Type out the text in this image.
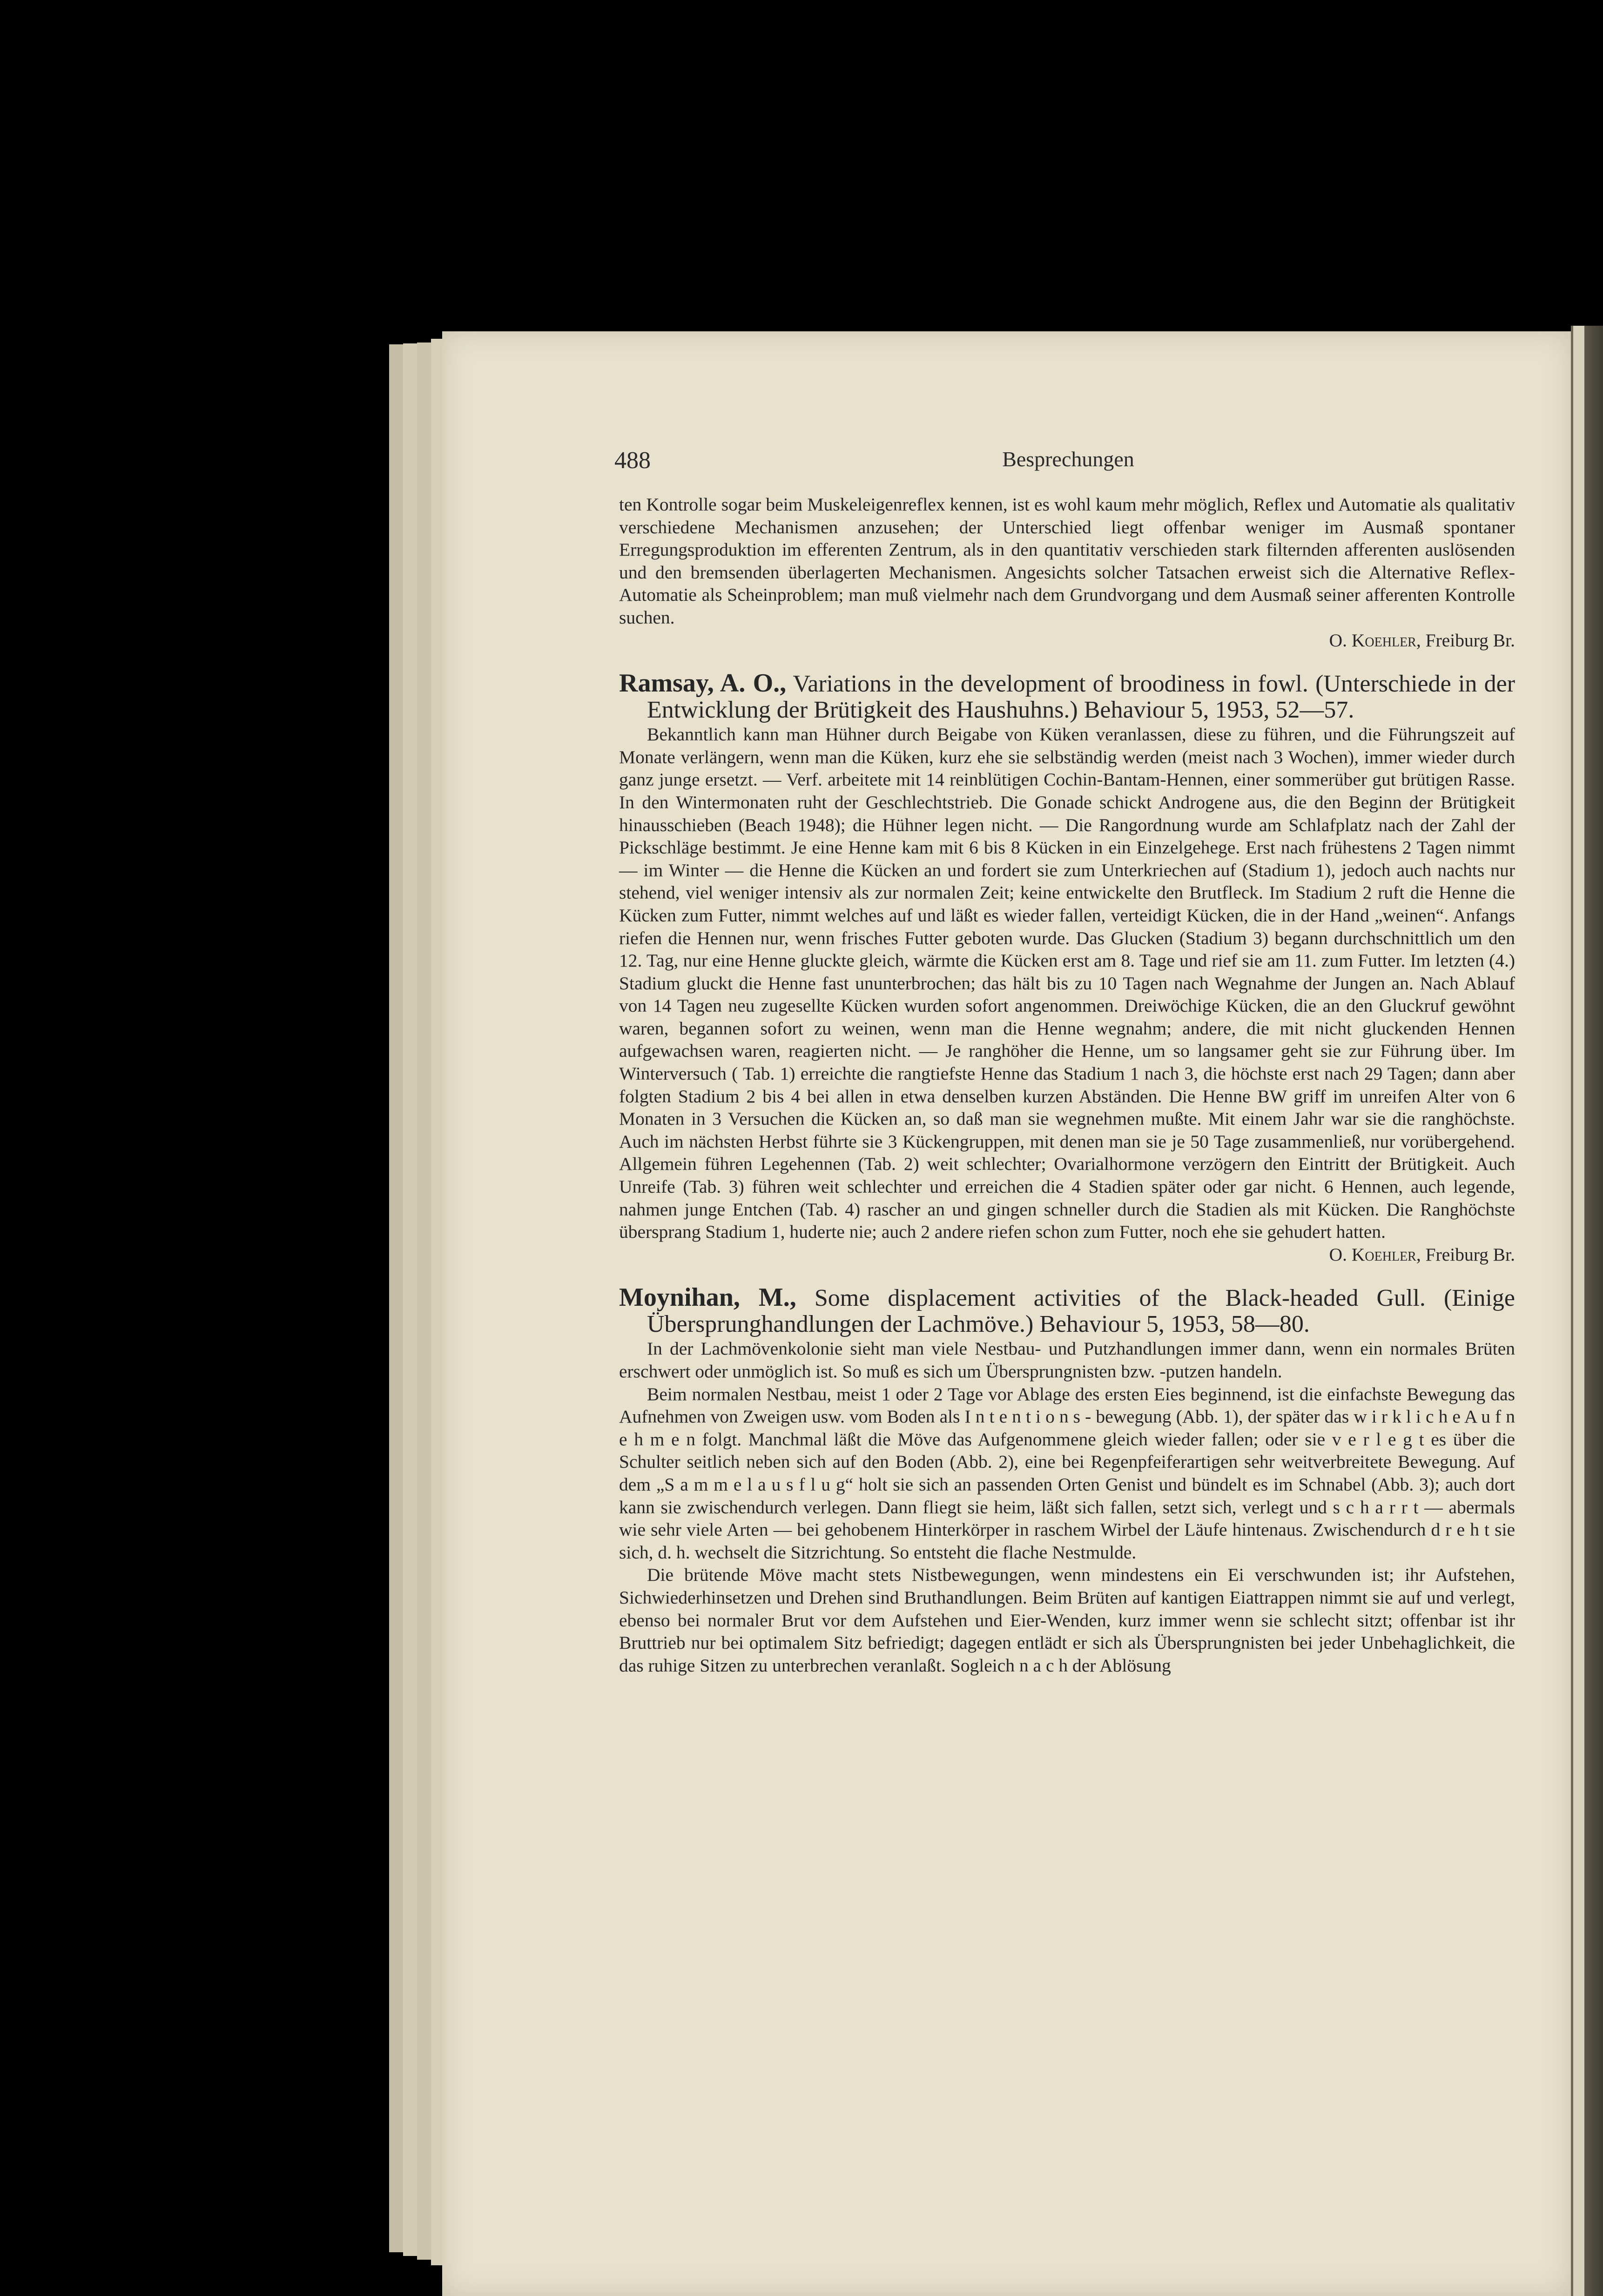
488	Besprechungen

ten Kontrolle sogar beim Muskeleigenreflex kennen, ist es wohl kaum mehr möglich, Reflex und Automatie als qualitativ verschiedene Mechanismen anzusehen; der Unterschied liegt offenbar weniger im Ausmaß spontaner Erregungsproduktion im efferenten Zentrum, als in den quantitativ verschieden stark filternden afferenten auslösenden und den bremsenden überlagerten Mechanismen. Angesichts solcher Tatsachen erweist sich die Alternative Reflex-Automatie als Scheinproblem; man muß vielmehr nach dem Grundvorgang und dem Ausmaß seiner afferenten Kontrolle suchen.

O. Koehler, Freiburg Br.

Ramsay, A. O., Variations in the development of broodiness in fowl. (Unterschiede in der Entwicklung der Brütigkeit des Haushuhns.) Behaviour 5, 1953, 52—57.

Bekanntlich kann man Hühner durch Beigabe von Küken veranlassen, diese zu führen, und die Führungszeit auf Monate verlängern, wenn man die Küken, kurz ehe sie selbständig werden (meist nach 3 Wochen), immer wieder durch ganz junge ersetzt. — Verf. arbeitete mit 14 reinblütigen Cochin-Bantam-Hennen, einer sommerüber gut brütigen Rasse. In den Wintermonaten ruht der Geschlechtstrieb. Die Gonade schickt Androgene aus, die den Beginn der Brütigkeit hinausschieben (Beach 1948); die Hühner legen nicht. — Die Rangordnung wurde am Schlafplatz nach der Zahl der Pickschläge bestimmt. Je eine Henne kam mit 6 bis 8 Kücken in ein Einzelgehege. Erst nach frühestens 2 Tagen nimmt — im Winter — die Henne die Kücken an und fordert sie zum Unterkriechen auf (Stadium 1), jedoch auch nachts nur stehend, viel weniger intensiv als zur normalen Zeit; keine entwickelte den Brutfleck. Im Stadium 2 ruft die Henne die Kücken zum Futter, nimmt welches auf und läßt es wieder fallen, verteidigt Kücken, die in der Hand „weinen“. Anfangs riefen die Hennen nur, wenn frisches Futter geboten wurde. Das Glucken (Stadium 3) begann durchschnittlich um den 12. Tag, nur eine Henne gluckte gleich, wärmte die Kücken erst am 8. Tage und rief sie am 11. zum Futter. Im letzten (4.) Stadium gluckt die Henne fast ununterbrochen; das hält bis zu 10 Tagen nach Wegnahme der Jungen an. Nach Ablauf von 14 Tagen neu zugesellte Kücken wurden sofort angenommen. Dreiwöchige Kücken, die an den Gluckruf gewöhnt waren, begannen sofort zu weinen, wenn man die Henne wegnahm; andere, die mit nicht gluckenden Hennen aufgewachsen waren, reagierten nicht. — Je ranghöher die Henne, um so langsamer geht sie zur Führung über. Im Winterversuch ( Tab. 1) erreichte die rangtiefste Henne das Stadium 1 nach 3, die höchste erst nach 29 Tagen; dann aber folgten Stadium 2 bis 4 bei allen in etwa denselben kurzen Abständen. Die Henne BW griff im unreifen Alter von 6 Monaten in 3 Versuchen die Kücken an, so daß man sie wegnehmen mußte. Mit einem Jahr war sie die ranghöchste. Auch im nächsten Herbst führte sie 3 Kückengruppen, mit denen man sie je 50 Tage zusammenließ, nur vorübergehend. Allgemein führen Legehennen (Tab. 2) weit schlechter; Ovarialhormone verzögern den Eintritt der Brütigkeit. Auch Unreife (Tab. 3) führen weit schlechter und erreichen die 4 Stadien später oder gar nicht. 6 Hennen, auch legende, nahmen junge Entchen (Tab. 4) rascher an und gingen schneller durch die Stadien als mit Kücken. Die Ranghöchste übersprang Stadium 1, huderte nie; auch 2 andere riefen schon zum Futter, noch ehe sie gehudert hatten.

O. Koehler, Freiburg Br.

Moynihan, M., Some displacement activities of the Black-headed Gull. (Einige Übersprunghandlungen der Lachmöve.) Behaviour 5, 1953, 58—80.

In der Lachmövenkolonie sieht man viele Nestbau- und Putzhandlungen immer dann, wenn ein normales Brüten erschwert oder unmöglich ist. So muß es sich um Übersprungnisten bzw. -putzen handeln.

Beim normalen Nestbau, meist 1 oder 2 Tage vor Ablage des ersten Eies beginnend, ist die einfachste Bewegung das Aufnehmen von Zweigen usw. vom Boden als I n t e n t i o n s - bewegung (Abb. 1), der später das w i r k l i c h e A u f n e h m e n folgt. Manchmal läßt die Möve das Aufgenommene gleich wieder fallen; oder sie v e r l e g t es über die Schulter seitlich neben sich auf den Boden (Abb. 2), eine bei Regenpfeiferartigen sehr weitverbreitete Bewegung. Auf dem „S a m m e l a u s f l u g“ holt sie sich an passenden Orten Genist und bündelt es im Schnabel (Abb. 3); auch dort kann sie zwischendurch verlegen. Dann fliegt sie heim, läßt sich fallen, setzt sich, verlegt und s c h a r r t — abermals wie sehr viele Arten — bei gehobenem Hinterkörper in raschem Wirbel der Läufe hintenaus. Zwischendurch d r e h t sie sich, d. h. wechselt die Sitzrichtung. So entsteht die flache Nestmulde.

Die brütende Möve macht stets Nistbewegungen, wenn mindestens ein Ei verschwunden ist; ihr Aufstehen, Sichwiederhinsetzen und Drehen sind Bruthandlungen. Beim Brüten auf kantigen Eiattrappen nimmt sie auf und verlegt, ebenso bei normaler Brut vor dem Aufstehen und Eier-Wenden, kurz immer wenn sie schlecht sitzt; offenbar ist ihr Bruttrieb nur bei optimalem Sitz befriedigt; dagegen entlädt er sich als Übersprungnisten bei jeder Unbehaglichkeit, die das ruhige Sitzen zu unterbrechen veranlaßt. Sogleich n a c h der Ablösung
